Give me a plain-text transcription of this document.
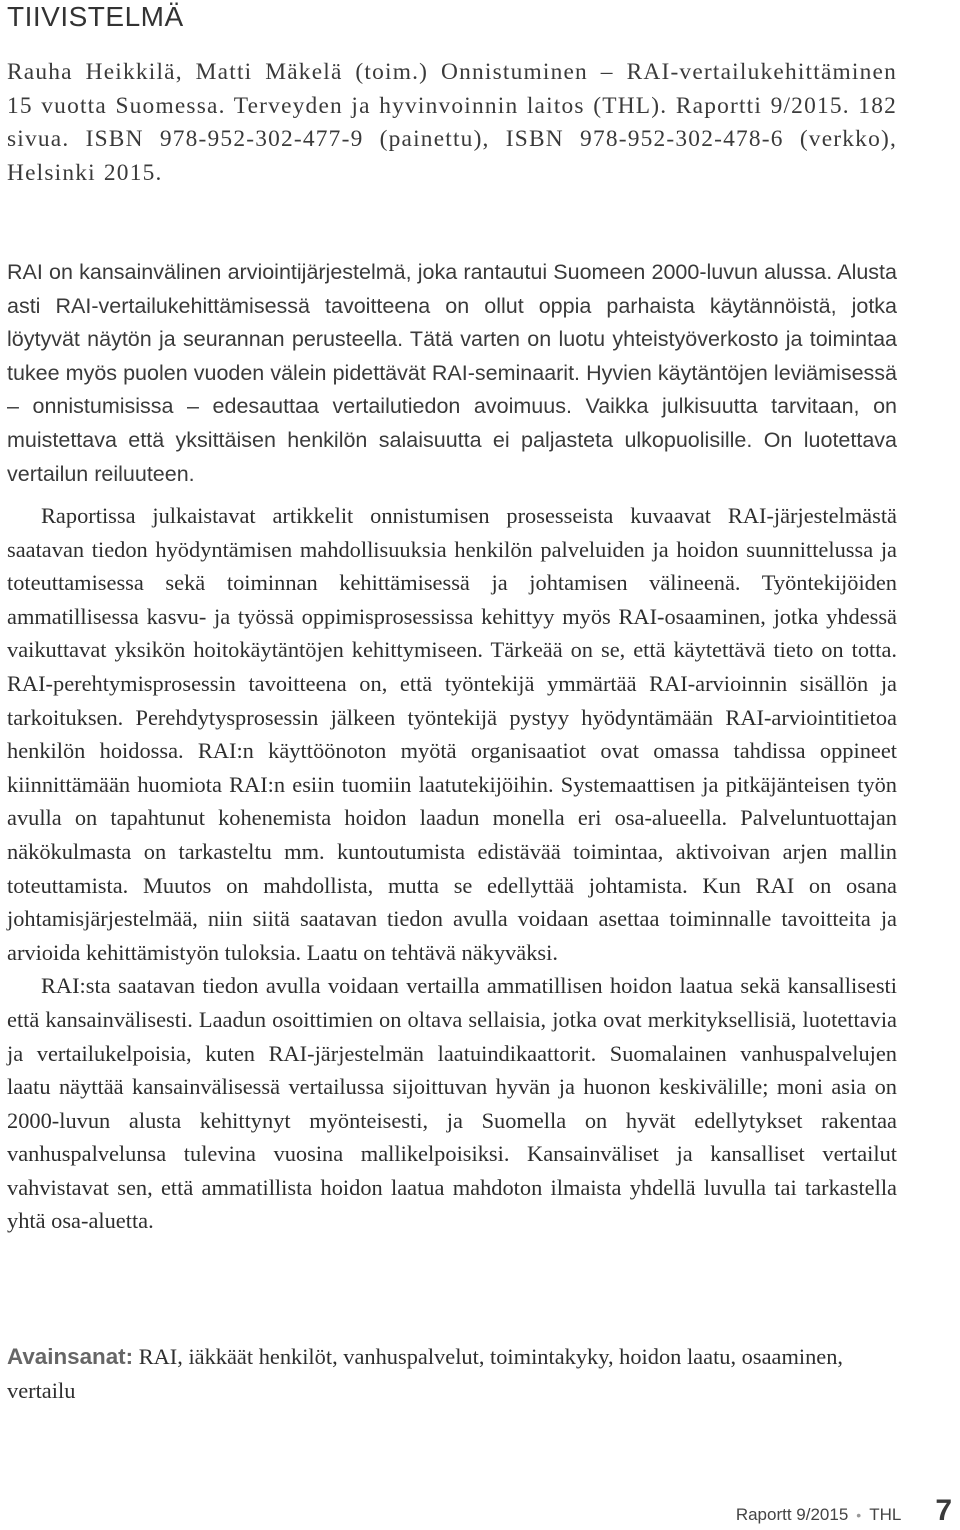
TIIVISTELMÄ

Rauha Heikkilä, Matti Mäkelä (toim.) Onnistuminen – RAI-vertailukehittäminen 15 vuotta Suomessa. Terveyden ja hyvinvoinnin laitos (THL). Raportti 9/2015. 182 sivua. ISBN 978-952-302-477-9 (painettu), ISBN 978-952-302-478-6 (verkko), Helsinki 2015.

RAI on kansainvälinen arviointijärjestelmä, joka rantautui Suomeen 2000-luvun alussa. Alusta asti RAI-vertailukehittämisessä tavoitteena on ollut oppia parhaista käytännöistä, jotka löytyvät näytön ja seurannan perusteella. Tätä varten on luotu yhteistyöverkosto ja toimintaa tukee myös puolen vuoden välein pidettävät RAI-seminaarit. Hyvien käytäntöjen leviämisessä – onnistumisissa – edesauttaa vertailutiedon avoimuus. Vaikka julkisuutta tarvitaan, on muistettava että yksittäisen henkilön salaisuutta ei paljasteta ulkopuolisille. On luotettava vertailun reiluuteen.

Raportissa julkaistavat artikkelit onnistumisen prosesseista kuvaavat RAI-järjestelmästä saatavan tiedon hyödyntämisen mahdollisuuksia henkilön palveluiden ja hoidon suunnittelussa ja toteuttamisessa sekä toiminnan kehittämisessä ja johtamisen välineenä. Työntekijöiden ammatillisessa kasvu- ja työssä oppimisprosessissa kehittyy myös RAI-osaaminen, jotka yhdessä vaikuttavat yksikön hoitokäytäntöjen kehittymiseen. Tärkeää on se, että käytettävä tieto on totta. RAI-perehtymisprosessin tavoitteena on, että työntekijä ymmärtää RAI-arvioinnin sisällön ja tarkoituksen. Perehdytysprosessin jälkeen työntekijä pystyy hyödyntämään RAI-arviointitietoa henkilön hoidossa. RAI:n käyttöönoton myötä organisaatiot ovat omassa tahdissa oppineet kiinnittämään huomiota RAI:n esiin tuomiin laatutekijöihin. Systemaattisen ja pitkäjänteisen työn avulla on tapahtunut kohenemista hoidon laadun monella eri osa-alueella. Palveluntuottajan näkökulmasta on tarkasteltu mm. kuntoutumista edistävää toimintaa, aktivoivan arjen mallin toteuttamista. Muutos on mahdollista, mutta se edellyttää johtamista. Kun RAI on osana johtamisjärjestelmää, niin siitä saatavan tiedon avulla voidaan asettaa toiminnalle tavoitteita ja arvioida kehittämistyön tuloksia. Laatu on tehtävä näkyväksi.

RAI:sta saatavan tiedon avulla voidaan vertailla ammatillisen hoidon laatua sekä kansallisesti että kansainvälisesti. Laadun osoittimien on oltava sellaisia, jotka ovat merkityksellisiä, luotettavia ja vertailukelpoisia, kuten RAI-järjestelmän laatuindikaattorit. Suomalainen vanhuspalvelujen laatu näyttää kansainvälisessä vertailussa sijoittuvan hyvän ja huonon keskivälille; moni asia on 2000-luvun alusta kehittynyt myönteisesti, ja Suomella on hyvät edellytykset rakentaa vanhuspalvelunsa tulevina vuosina mallikelpoisiksi. Kansainväliset ja kansalliset vertailut vahvistavat sen, että ammatillista hoidon laatua mahdoton ilmaista yhdellä luvulla tai tarkastella yhtä osa-aluetta.

Avainsanat: RAI, iäkkäät henkilöt, vanhuspalvelut, toimintakyky, hoidon laatu, osaaminen, vertailu

Raportt 9/2015 • THL 7
